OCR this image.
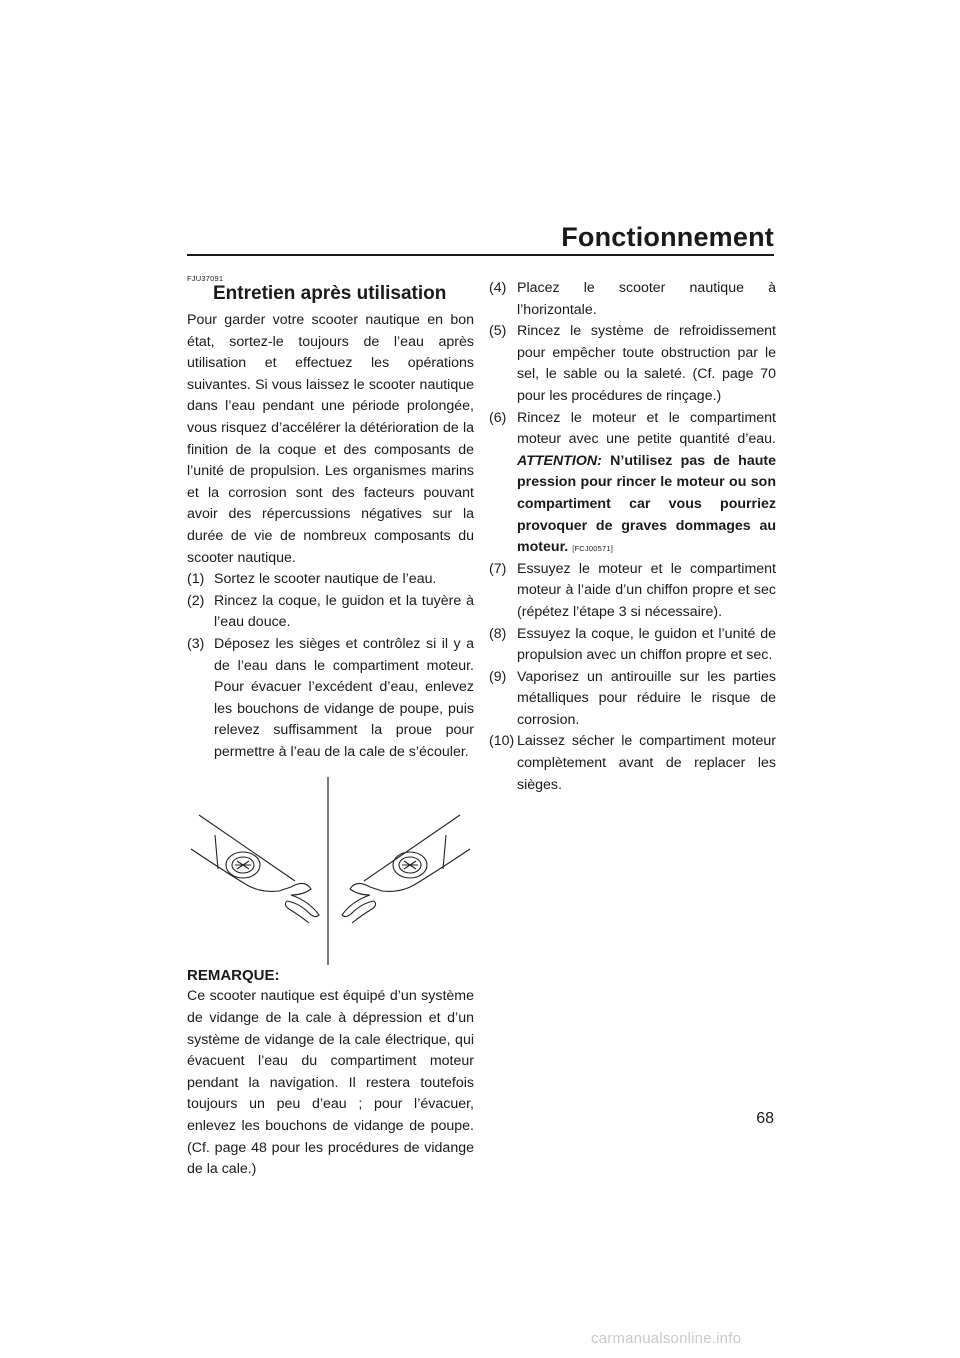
Fonctionnement
FJU37091
Entretien après utilisation

Pour garder votre scooter nautique en bon état, sortez-le toujours de l’eau après utilisation et effectuez les opérations suivantes. Si vous laissez le scooter nautique dans l’eau pendant une période prolongée, vous risquez d’accélérer la détérioration de la finition de la coque et des composants de l’unité de propulsion. Les organismes marins et la corrosion sont des facteurs pouvant avoir des répercussions négatives sur la durée de vie de nombreux composants du scooter nautique.

(1) Sortez le scooter nautique de l’eau.
(2) Rincez la coque, le guidon et la tuyère à l’eau douce.
(3) Déposez les sièges et contrôlez si il y a de l’eau dans le compartiment moteur. Pour évacuer l’excédent d’eau, enlevez les bouchons de vidange de poupe, puis relevez suffisamment la proue pour permettre à l’eau de la cale de s’écouler.

REMARQUE:

Ce scooter nautique est équipé d’un système de vidange de la cale à dépression et d’un système de vidange de la cale électrique, qui évacuent l’eau du compartiment moteur pendant la navigation. Il restera toutefois toujours un peu d’eau ; pour l’évacuer, enlevez les bouchons de vidange de poupe. (Cf. page 48 pour les procédures de vidange de la cale.)

(4) Placez le scooter nautique à l’horizontale.
(5) Rincez le système de refroidissement pour empêcher toute obstruction par le sel, le sable ou la saleté. (Cf. page 70 pour les procédures de rinçage.)
(6) Rincez le moteur et le compartiment moteur avec une petite quantité d’eau. ATTENTION: N’utilisez pas de haute pression pour rincer le moteur ou son compartiment car vous pourriez provoquer de graves dommages au moteur. [FCJ00571]
(7) Essuyez le moteur et le compartiment moteur à l’aide d’un chiffon propre et sec (répétez l’étape 3 si nécessaire).
(8) Essuyez la coque, le guidon et l’unité de propulsion avec un chiffon propre et sec.
(9) Vaporisez un antirouille sur les parties métalliques pour réduire le risque de corrosion.
(10) Laissez sécher le compartiment moteur complètement avant de replacer les sièges.
68
carmanualsonline.info
